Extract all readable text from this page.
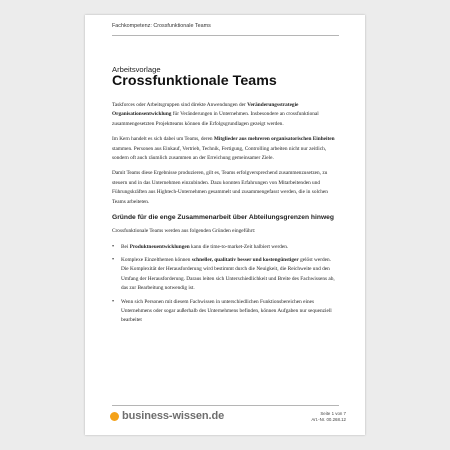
Fachkompetenz: Crossfunktionale Teams
Arbeitsvorlage
Crossfunktionale Teams

Taskforces oder Arbeitsgruppen sind direkte Anwendungen der Veränderungsstrategie Organisationsentwicklung für Veränderungen in Unternehmen. Insbesondere an crossfunktional zusammengesetzten Projektteams können die Erfolgsgrundlagen gezeigt werden.

Im Kern handelt es sich dabei um Teams, deren Mitglieder aus mehreren organisatorischen Einheiten stammen. Personen aus Einkauf, Vertrieb, Technik, Fertigung, Controlling arbeiten nicht nur zeitlich, sondern oft auch räumlich zusammen an der Erreichung gemeinsamer Ziele.

Damit Teams diese Ergebnisse produzieren, gilt es, Teams erfolgversprechend zusammenzusetzen, zu steuern und in das Unternehmen einzubinden. Dazu konnten Erfahrungen von Mitarbeitenden und Führungskräften aus Hightech-Unternehmen gesammelt und zusammengefasst werden, die in solchen Teams arbeiteten.

Gründe für die enge Zusammenarbeit über Abteilungsgrenzen hinweg

Crossfunktionale Teams werden aus folgenden Gründen eingeführt:

• Bei Produktneuentwicklungen kann die time-to-market-Zeit halbiert werden.
• Komplexe Einzelthemen können schneller, qualitativ besser und kostengünstiger gelöst werden. Die Komplexität der Herausforderung wird bestimmt durch die Neuigkeit, die Reichweite und den Umfang der Herausforderung. Daraus leiten sich Unterschiedlichkeit und Breite des Fachwissens ab, das zur Bearbeitung notwendig ist.
• Wenn sich Personen mit diesem Fachwissen in unterschiedlichen Funktionsbereichen eines Unternehmens oder sogar außerhalb des Unternehmens befinden, können Aufgaben nur sequenziell bearbeitet
business-wissen.de	Seite 1 von 7
Art.-Nr. 00.268.12
